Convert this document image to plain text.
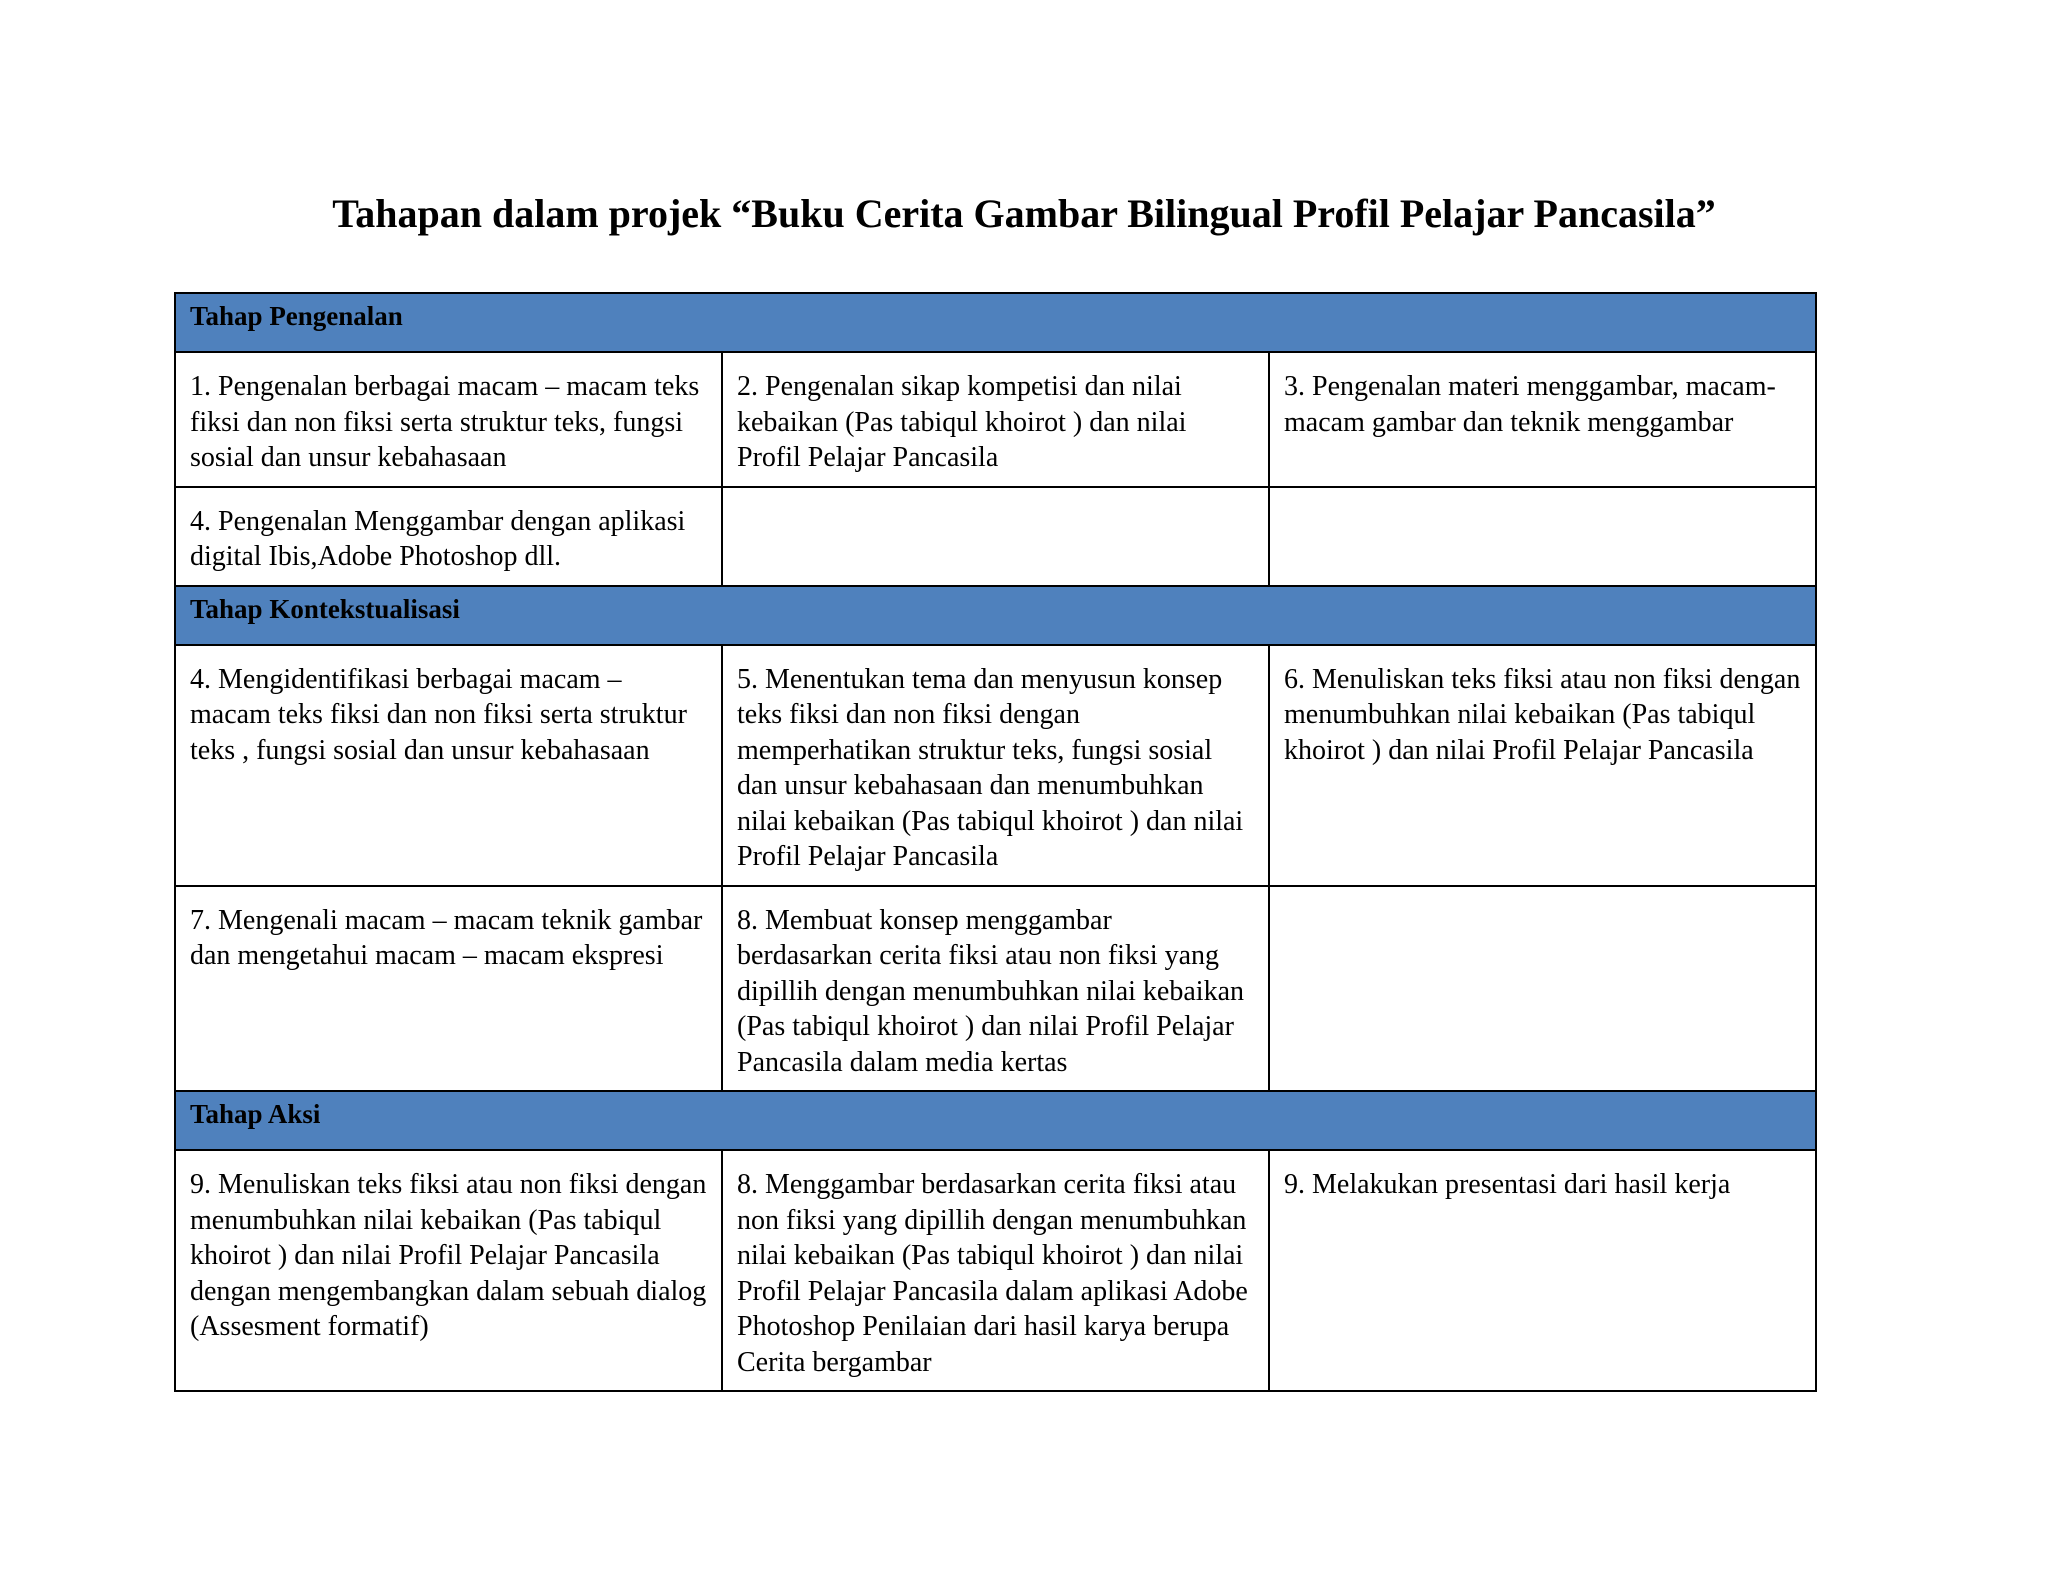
Tahapan dalam projek “Buku Cerita Gambar Bilingual Profil Pelajar Pancasila”
Tahap Pengenalan		
1. Pengenalan berbagai macam – macam teks fiksi dan non fiksi serta struktur teks, fungsi sosial dan unsur kebahasaan	2. Pengenalan sikap kompetisi dan nilai kebaikan (Pas tabiqul khoirot ) dan nilai Profil Pelajar Pancasila	3. Pengenalan materi menggambar, macam-macam gambar dan teknik menggambar
4. Pengenalan Menggambar dengan aplikasi digital Ibis,Adobe Photoshop dll.		
Tahap Kontekstualisasi		
4. Mengidentifikasi berbagai macam – macam teks fiksi dan non fiksi serta struktur teks , fungsi sosial dan unsur kebahasaan	5. Menentukan tema dan menyusun konsep teks fiksi dan non fiksi dengan memperhatikan struktur teks, fungsi sosial dan unsur kebahasaan dan menumbuhkan nilai kebaikan (Pas tabiqul khoirot ) dan nilai Profil Pelajar Pancasila	6. Menuliskan teks fiksi atau non fiksi dengan menumbuhkan nilai kebaikan (Pas tabiqul khoirot ) dan nilai Profil Pelajar Pancasila
7. Mengenali macam – macam teknik gambar dan mengetahui macam – macam ekspresi	8. Membuat konsep menggambar berdasarkan cerita fiksi atau non fiksi yang dipillih dengan menumbuhkan nilai kebaikan (Pas tabiqul khoirot ) dan nilai Profil Pelajar Pancasila dalam media kertas	
Tahap Aksi		
9. Menuliskan teks fiksi atau non fiksi dengan menumbuhkan nilai kebaikan (Pas tabiqul khoirot ) dan nilai Profil Pelajar Pancasila dengan mengembangkan dalam sebuah dialog (Assesment formatif)	8. Menggambar berdasarkan cerita fiksi atau non fiksi yang dipillih dengan menumbuhkan nilai kebaikan (Pas tabiqul khoirot ) dan nilai Profil Pelajar Pancasila dalam aplikasi Adobe Photoshop Penilaian dari hasil karya berupa Cerita bergambar	9. Melakukan presentasi dari hasil kerja
